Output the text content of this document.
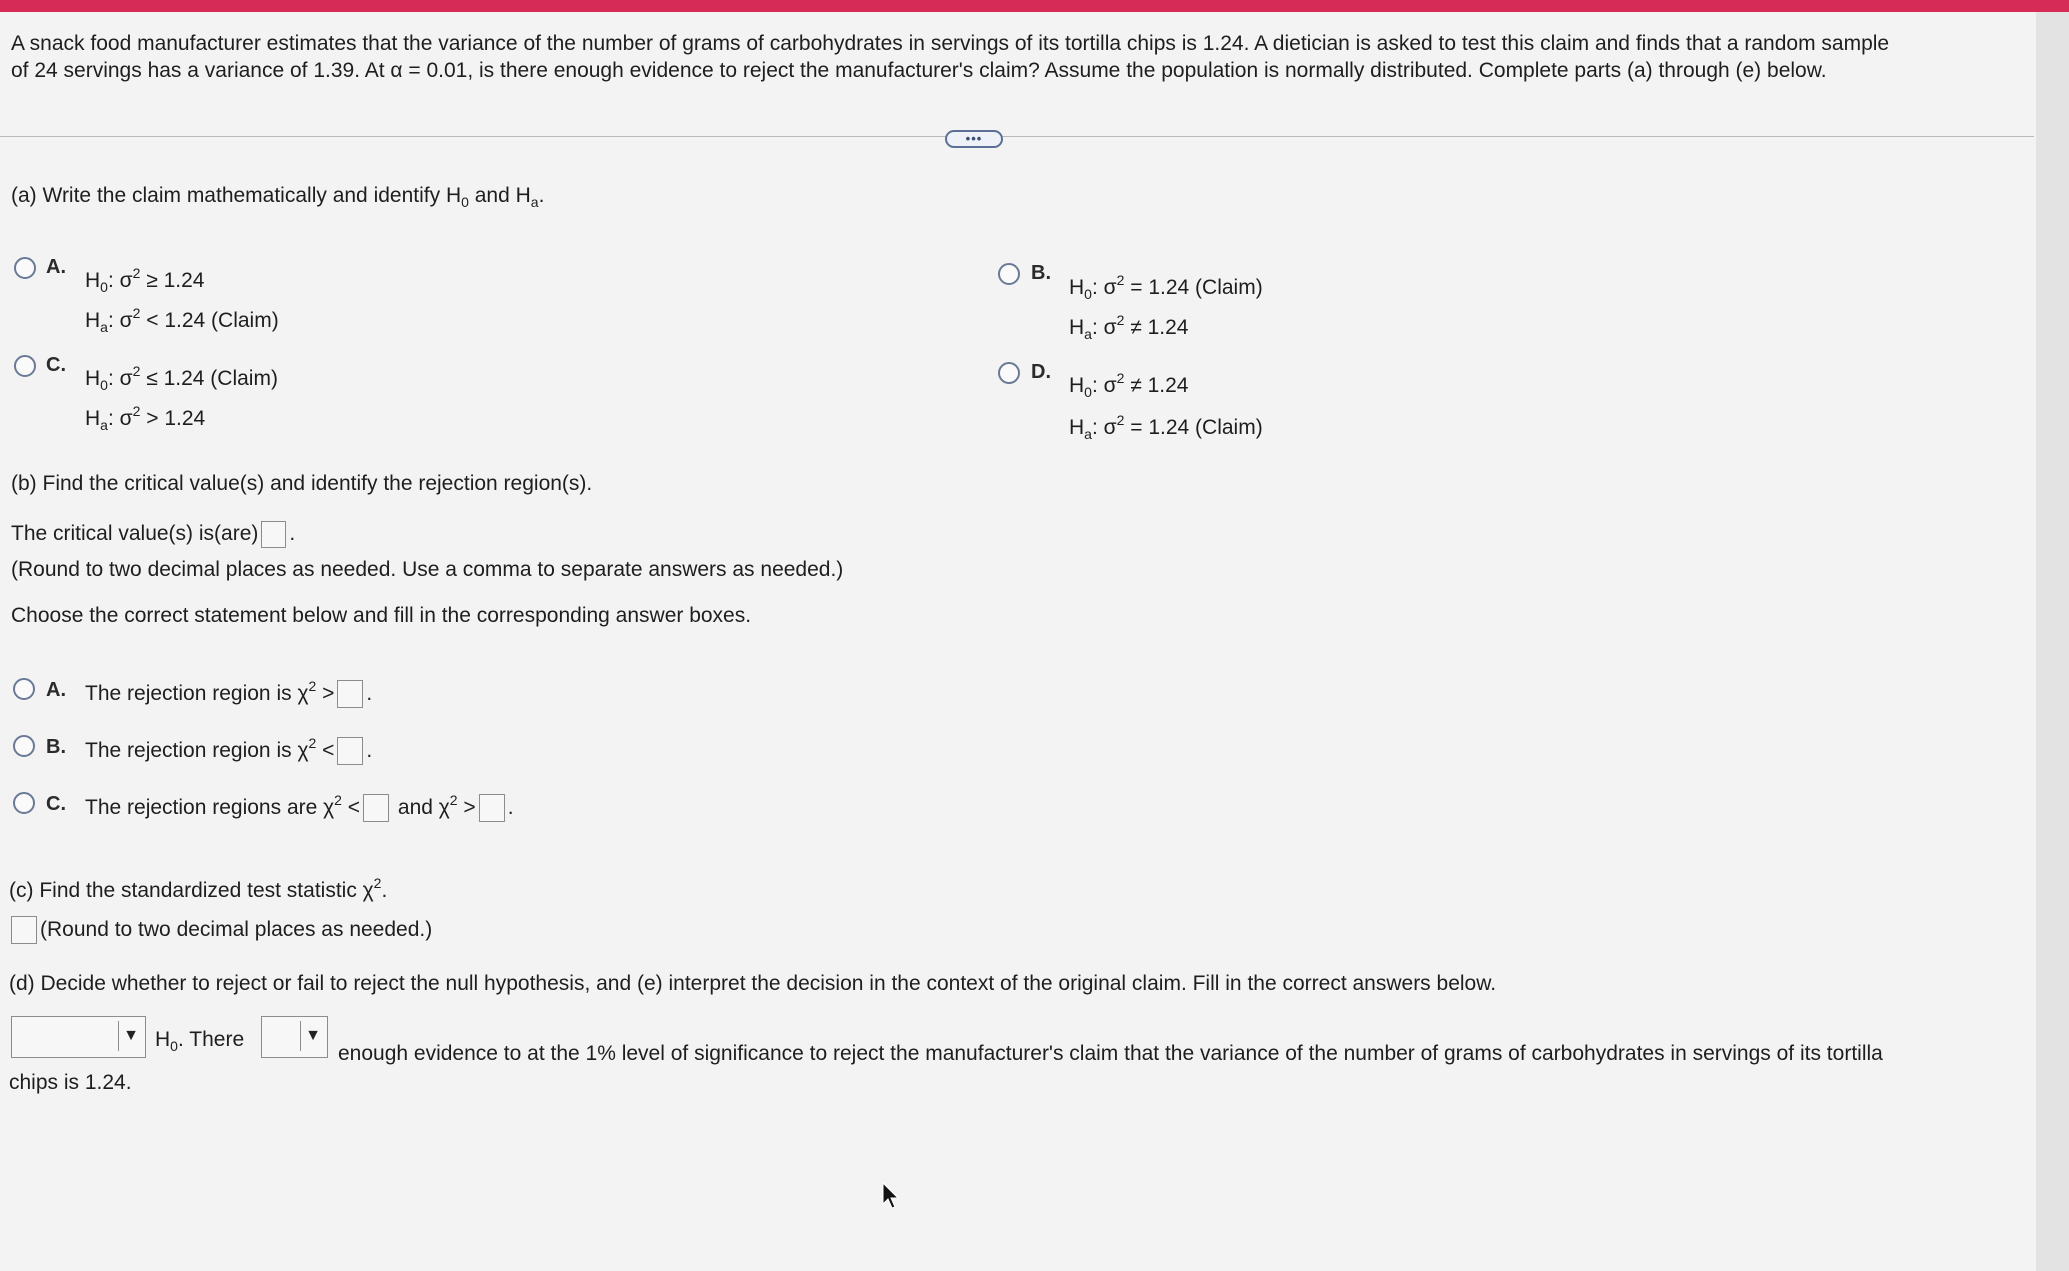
A snack food manufacturer estimates that the variance of the number of grams of carbohydrates in servings of its tortilla chips is 1.24. A dietician is asked to test this claim and finds that a random sample
of 24 servings has a variance of 1.39. At α = 0.01, is there enough evidence to reject the manufacturer's claim? Assume the population is normally distributed. Complete parts (a) through (e) below.
•••
(a) Write the claim mathematically and identify $H_0$ and $H_a$.
A.
$H_0$: $\sigma^2 \ge 1.24$
$H_a$: $\sigma^2 < 1.24$ (Claim)
B.
$H_0$: $\sigma^2 = 1.24$ (Claim)
$H_a$: $\sigma^2 \ne 1.24$
C.
$H_0$: $\sigma^2 \le 1.24$ (Claim)
$H_a$: $\sigma^2 > 1.24$
D.
$H_0$: $\sigma^2 \ne 1.24$
$H_a$: $\sigma^2 = 1.24$ (Claim)
(b) Find the critical value(s) and identify the rejection region(s).
The critical value(s) is(are) .
(Round to two decimal places as needed. Use a comma to separate answers as needed.)
Choose the correct statement below and fill in the corresponding answer boxes.
A. The rejection region is $\chi^2$ > .
B. The rejection region is $\chi^2$ < .
C. The rejection regions are $\chi^2$ < and $\chi^2$ > .
(c) Find the standardized test statistic $\chi^2$.
(Round to two decimal places as needed.)
(d) Decide whether to reject or fail to reject the null hypothesis, and (e) interpret the decision in the context of the original claim. Fill in the correct answers below.
▼ $H_0$. There	▼
enough evidence to at the 1% level of significance to reject the manufacturer's claim that the variance of the number of grams of carbohydrates in servings of its tortilla
chips is 1.24.
